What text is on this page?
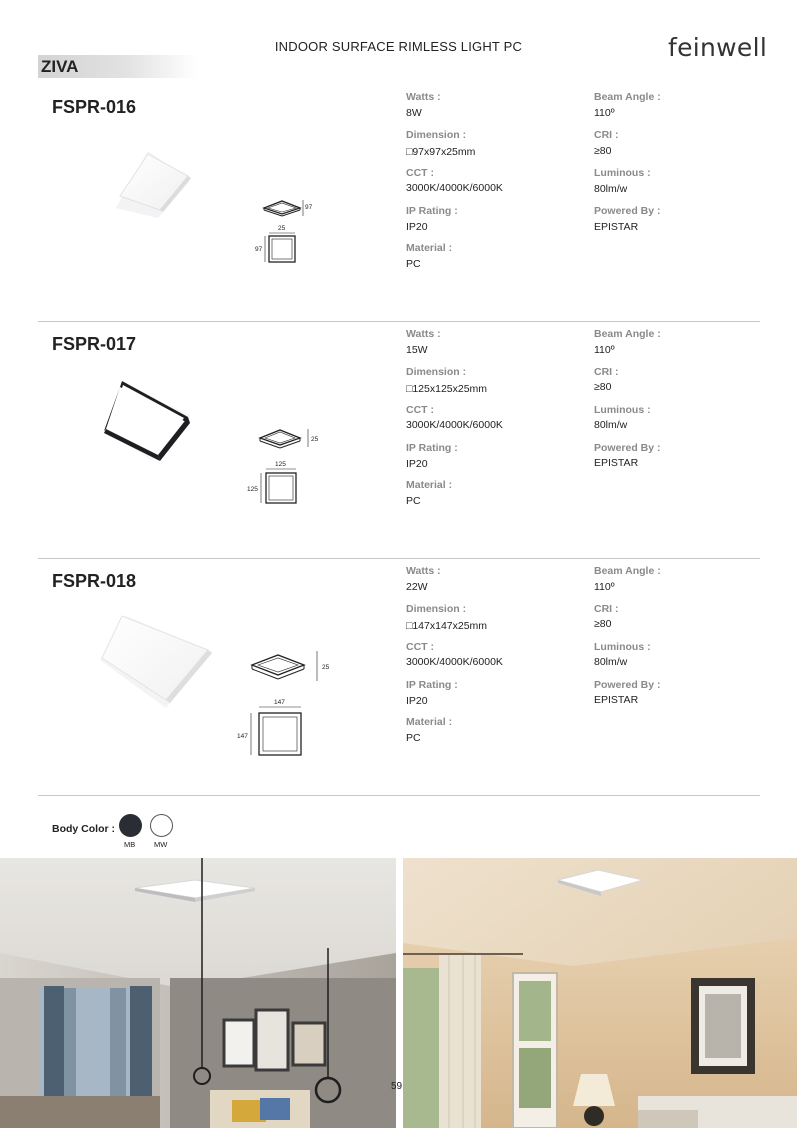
INDOOR SURFACE RIMLESS LIGHT PC	feinwell
ZIVA
FSPR-016
97
25
97
Watts :
8W
Dimension :
□97x97x25mm
CCT :
3000K/4000K/6000K
IP Rating :
IP20
Material :
PC
Beam Angle :
110º
CRI :
≥80
Luminous :
80lm/w
Powered By :
EPISTAR
FSPR-017
25
125
125
Watts :
15W
Dimension :
□125x125x25mm
CCT :
3000K/4000K/6000K
IP Rating :
IP20
Material :
PC
Beam Angle :
110º
CRI :
≥80
Luminous :
80lm/w
Powered By :
EPISTAR
FSPR-018
25
147
147
Watts :
22W
Dimension :
□147x147x25mm
CCT :
3000K/4000K/6000K
IP Rating :
IP20
Material :
PC
Beam Angle :
110º
CRI :
≥80
Luminous :
80lm/w
Powered By :
EPISTAR
Body Color :
MB	MW
59
